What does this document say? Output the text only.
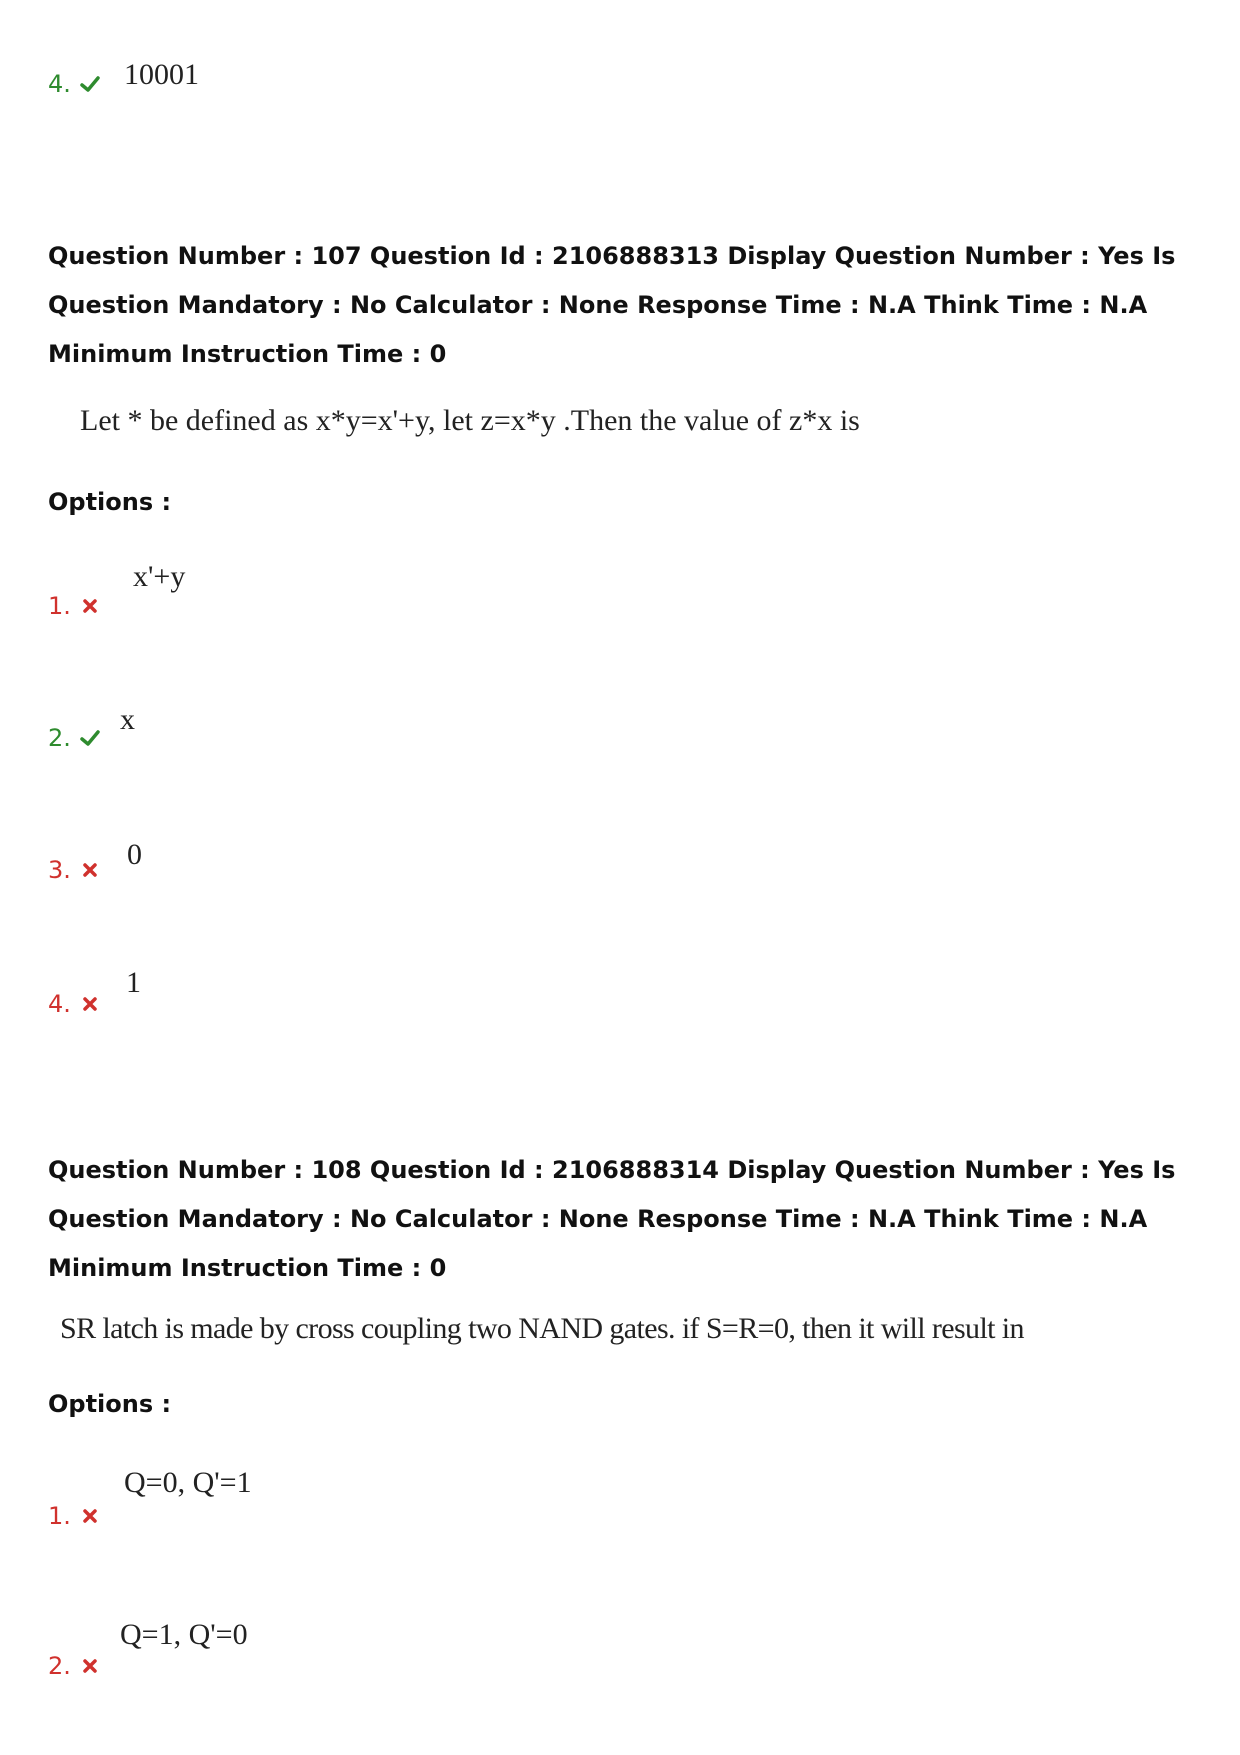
4. 10001
Question Number : 107 Question Id : 2106888313 Display Question Number : Yes Is Question Mandatory : No Calculator : None Response Time : N.A Think Time : N.A Minimum Instruction Time : 0
Let * be defined as x*y=x'+y, let z=x*y .Then the value of z*x is
Options :
1.
x'+y
2.
x
3. 0
4.
1
Question Number : 108 Question Id : 2106888314 Display Question Number : Yes Is Question Mandatory : No Calculator : None Response Time : N.A Think Time : N.A Minimum Instruction Time : 0
SR latch is made by cross coupling two NAND gates. if S=R=0, then it will result in
Options :
1.
Q=0, Q'=1
2.
Q=1, Q'=0
